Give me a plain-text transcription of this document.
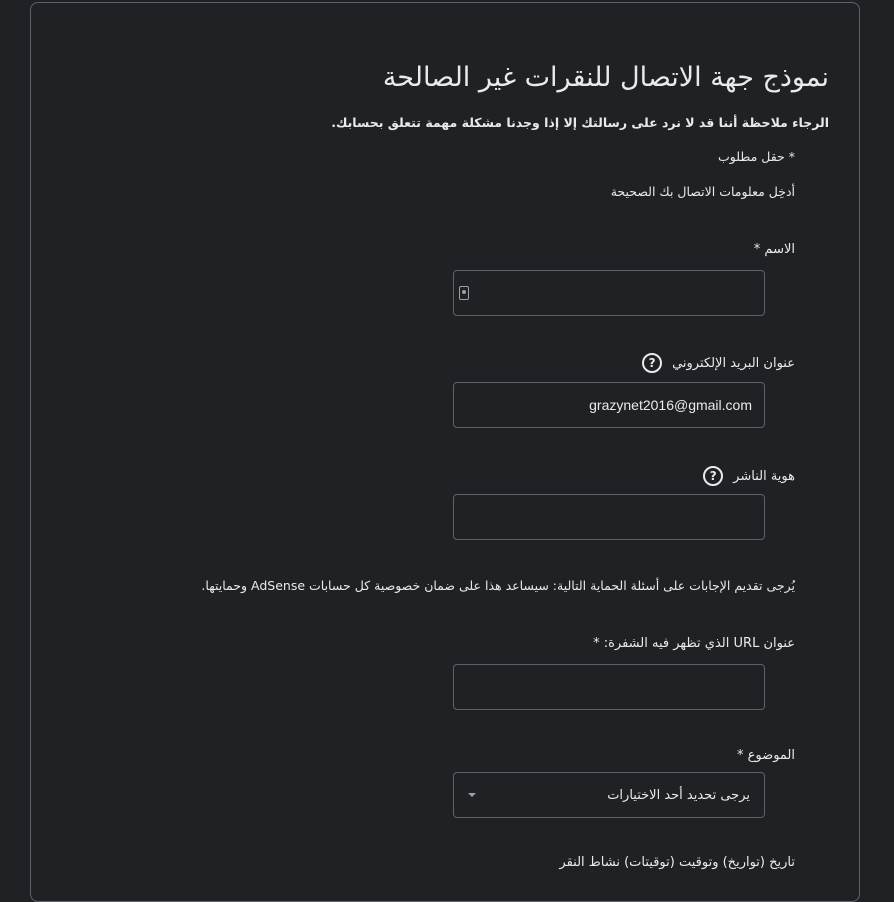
نموذج جهة الاتصال للنقرات غير الصالحة
الرجاء ملاحظة أننا قد لا نرد على رسالتك إلا إذا وجدنا مشكلة مهمة تتعلق بحسابك.
* حقل مطلوب
أدخِل معلومات الاتصال بك الصحيحة
الاسم *
عنوان البريد الإلكتروني
?
grazynet2016@gmail.com
هوية الناشر
?
يُرجى تقديم الإجابات على أسئلة الحماية التالية: سيساعد هذا على ضمان خصوصية كل حسابات AdSense وحمايتها.
عنوان URL الذي تظهر فيه الشفرة: *
الموضوع *
يرجى تحديد أحد الاختيارات
تاريخ (تواريخ) وتوقيت (توقيتات) نشاط النقر
